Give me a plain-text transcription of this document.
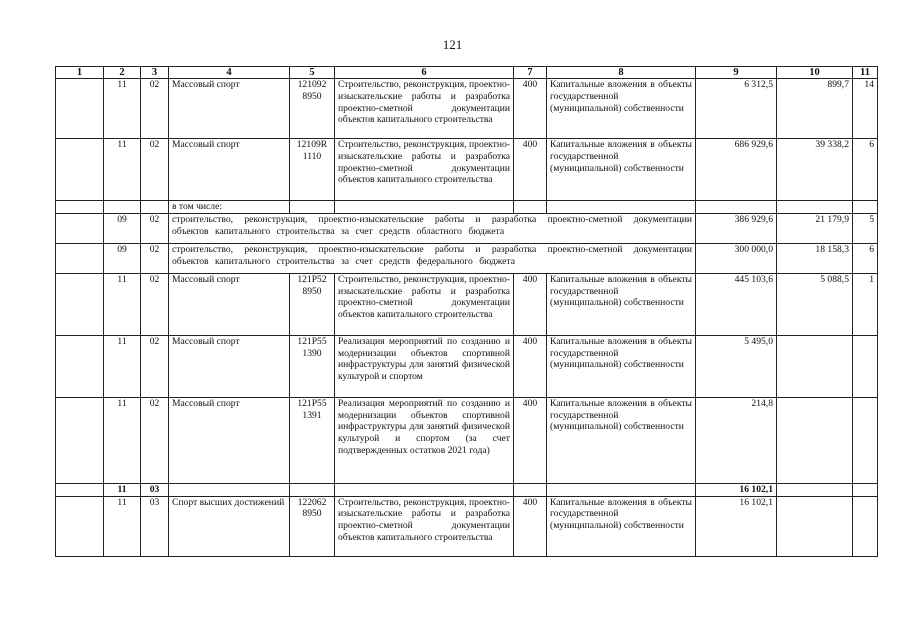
121
1	2	3	4	5	6	7	8	9	10	11
	11	02	Массовый спорт	121092 8950	Строительство, реконструкция, проектно-изыскательские работы и разработка проектно-сметной документации объектов капитального строительства	400	Капитальные вложения в объекты государственной (муниципальной) собственности	6 312,5	899,7	14
	11	02	Массовый спорт	12109R 1110	Строительство, реконструкция, проектно-изыскательские работы и разработка проектно-сметной документации объектов капитального строительства	400	Капитальные вложения в объекты государственной (муниципальной) собственности	686 929,6	39 338,2	6
			в том числе:							
	09	02	строительство, реконструкция, проектно-изыскательские работы и разработка проектно-сметной документации объектов капитального строительства за счет средств областного бюджета					386 929,6	21 179,9	5
	09	02	строительство, реконструкция, проектно-изыскательские работы и разработка проектно-сметной документации объектов капитального строительства за счет средств федерального бюджета					300 000,0	18 158,3	6
	11	02	Массовый спорт	121P52 8950	Строительство, реконструкция, проектно-изыскательские работы и разработка проектно-сметной документации объектов капитального строительства	400	Капитальные вложения в объекты государственной (муниципальной) собственности	445 103,6	5 088,5	1
	11	02	Массовый спорт	121P55 1390	Реализация мероприятий по созданию и модернизации объектов спортивной инфраструктуры для занятий физической культурой и спортом	400	Капитальные вложения в объекты государственной (муниципальной) собственности	5 495,0		
	11	02	Массовый спорт	121P55 1391	Реализация мероприятий по созданию и модернизации объектов спортивной инфраструктуры для занятий физической культурой и спортом (за счет подтвержденных остатков 2021 года)	400	Капитальные вложения в объекты государственной (муниципальной) собственности	214,8		
	11	03						16 102,1		
	11	03	Спорт высших достижений	122062 8950	Строительство, реконструкция, проектно-изыскательские работы и разработка проектно-сметной документации объектов капитального строительства	400	Капитальные вложения в объекты государственной (муниципальной) собственности	16 102,1		
